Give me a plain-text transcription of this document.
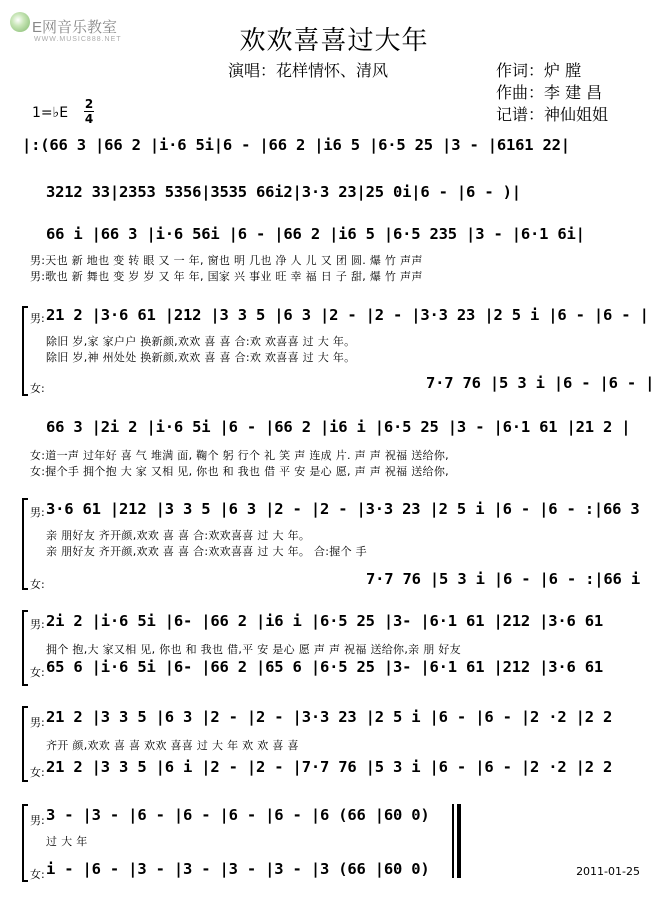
E网音乐教室
WWW.MUSIC888.NET	欢欢喜喜过大年
演唱：花样情怀、清风	作词：炉 膛
作曲：李 建 昌
记谱：神仙姐姐
1=♭E
2
4
|:(66 3 |66 2 |i·6 5i|6 - |66 2 |i6 5 |6·5 25 |3 - |6161 22|
3212 33|2353 5356|3535 66i2|3·3 23|25 0i|6 - |6 - )|
66 i |66 3 |i·6 56i |6 - |66 2 |i6 5 |6·5 235 |3 - |6·1 6i|
男:天也 新 地也 变 转 眼 又 一 年, 窗也 明 几也 净 人 儿 又 团 圆. 爆 竹 声声
男:歌也 新 舞也 变 岁 岁 又 年 年, 国家 兴 事业 旺 幸 福 日 子 甜, 爆 竹 声声
男: 21 2 |3·6 61 |212 |3 3 5 |6 3 |2 - |2 - |3·3 23 |2 5 i |6 - |6 - |
除旧 岁,家 家户户 换新颜,欢欢 喜 喜 合:欢 欢喜喜 过 大 年。
除旧 岁,神 州处处 换新颜,欢欢 喜 喜 合:欢 欢喜喜 过 大 年。
女:	7·7 76 |5 3 i |6 - |6 - |
66 3 |2i 2 |i·6 5i |6 - |66 2 |i6 i |6·5 25 |3 - |6·1 61 |21 2 |
女:道一声 过年好 喜 气 堆满 面, 鞠个 躬 行个 礼 笑 声 连成 片. 声 声 祝福 送给你,
女:握个手 拥个抱 大 家 又相 见, 你也 和 我也 借 平 安 是心 愿, 声 声 祝福 送给你,
男: 3·6 61 |212 |3 3 5 |6 3 |2 - |2 - |3·3 23 |2 5 i |6 - |6 - :|66 3
亲 朋好友 齐开颜,欢欢 喜 喜 合:欢欢喜喜 过 大 年。
亲 朋好友 齐开颜,欢欢 喜 喜 合:欢欢喜喜 过 大 年。 合:握个 手
女:	7·7 76 |5 3 i |6 - |6 - :|66 i
男: 2i 2 |i·6 5i |6- |66 2 |i6 i |6·5 25 |3- |6·1 61 |212 |3·6 61
拥个 抱,大 家又相 见, 你也 和 我也 借,平 安 是心 愿 声 声 祝福 送给你,亲 朋 好友
女: 65 6 |i·6 5i |6- |66 2 |65 6 |6·5 25 |3- |6·1 61 |212 |3·6 61
男: 21 2 |3 3 5 |6 3 |2 - |2 - |3·3 23 |2 5 i |6 - |6 - |2 ·2 |2 2
齐开 颜,欢欢 喜 喜 欢欢 喜喜 过 大 年 欢 欢 喜 喜
女: 21 2 |3 3 5 |6 i |2 - |2 - |7·7 76 |5 3 i |6 - |6 - |2 ·2 |2 2
男: 3 - |3 - |6 - |6 - |6 - |6 - |6 (66 |60 0)
过 大 年
女: i - |6 - |3 - |3 - |3 - |3 - |3 (66 |60 0)	2011-01-25
